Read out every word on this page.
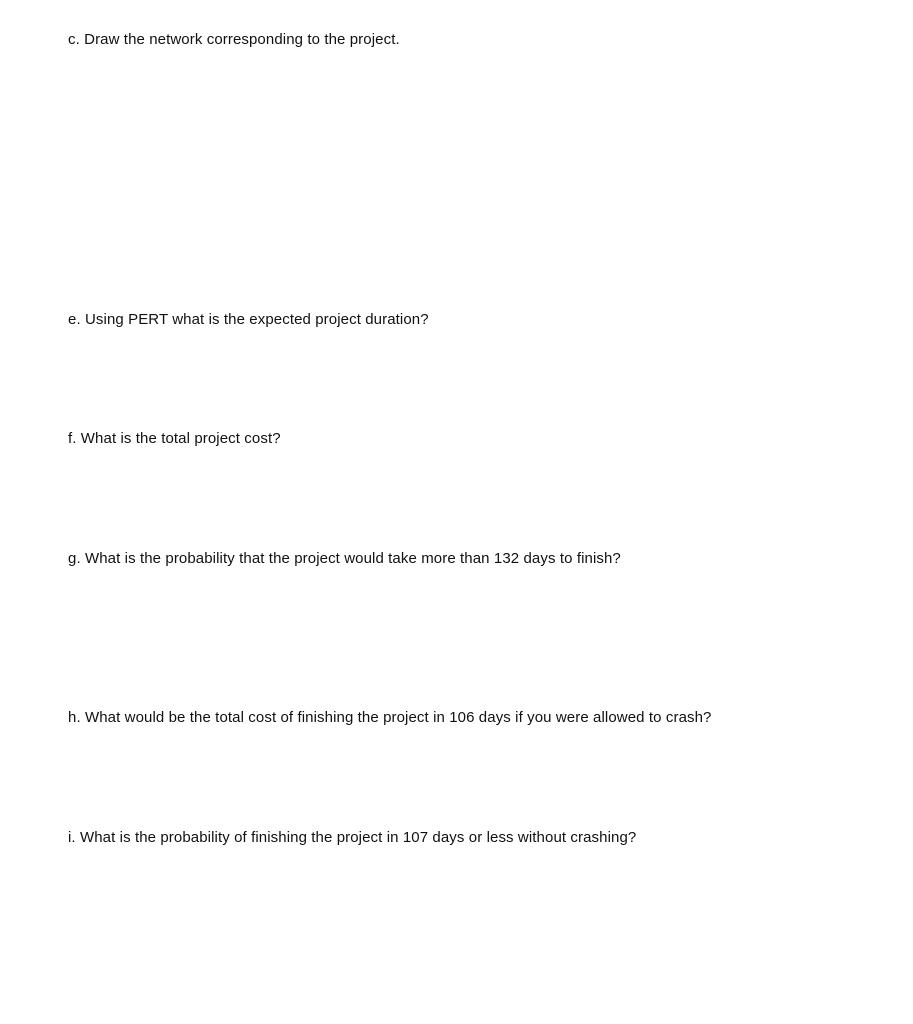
c. Draw the network corresponding to the project.

e. Using PERT what is the expected project duration?

f. What is the total project cost?

g. What is the probability that the project would take more than 132 days to finish?

h. What would be the total cost of finishing the project in 106 days if you were allowed to crash?

i. What is the probability of finishing the project in 107 days or less without crashing?
